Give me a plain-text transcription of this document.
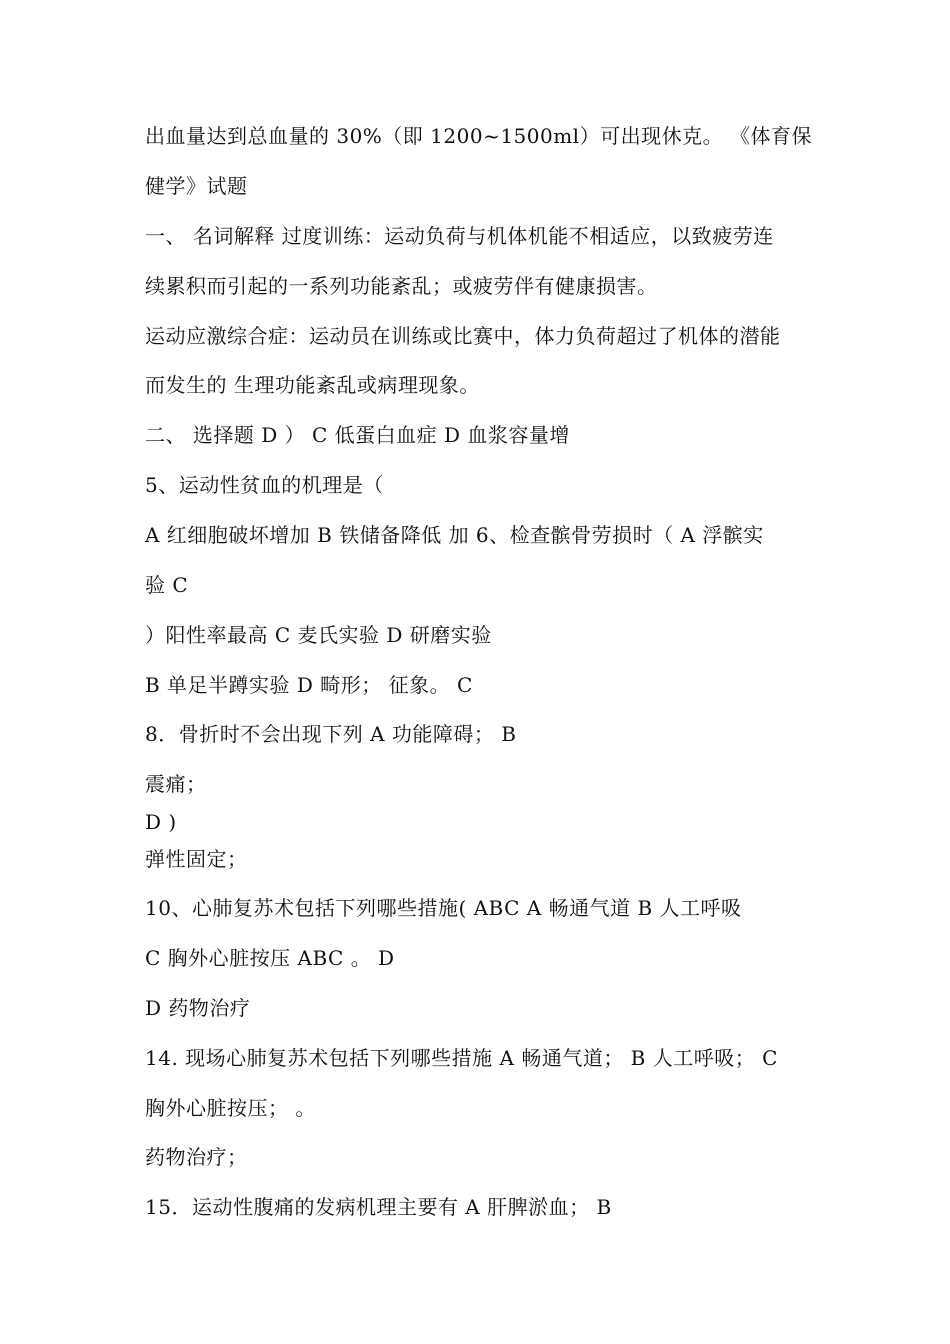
出血量达到总血量的 30%（即 1200~1500ml）可出现休克。 《体育保
健学》试题
一、 名词解释 过度训练：运动负荷与机体机能不相适应，以致疲劳连
续累积而引起的一系列功能紊乱；或疲劳伴有健康损害。
运动应激综合症：运动员在训练或比赛中，体力负荷超过了机体的潜能
而发生的 生理功能紊乱或病理现象。
二、 选择题 D ） C 低蛋白血症 D 血浆容量增
5、运动性贫血的机理是（
A 红细胞破坏增加 B 铁储备降低 加 6、检查髌骨劳损时（ A 浮髌实
验 C
）阳性率最高 C 麦氏实验 D 研磨实验
B 单足半蹲实验 D 畸形； 征象。 C
8．骨折时不会出现下列 A 功能障碍； B
震痛；
D )
弹性固定；
10、心肺复苏术包括下列哪些措施( ABC A 畅通气道 B 人工呼吸
C 胸外心脏按压 ABC 。 D
D 药物治疗
14. 现场心肺复苏术包括下列哪些措施 A 畅通气道； B 人工呼吸； C
胸外心脏按压； 。
药物治疗；
15．运动性腹痛的发病机理主要有 A 肝脾淤血； B
